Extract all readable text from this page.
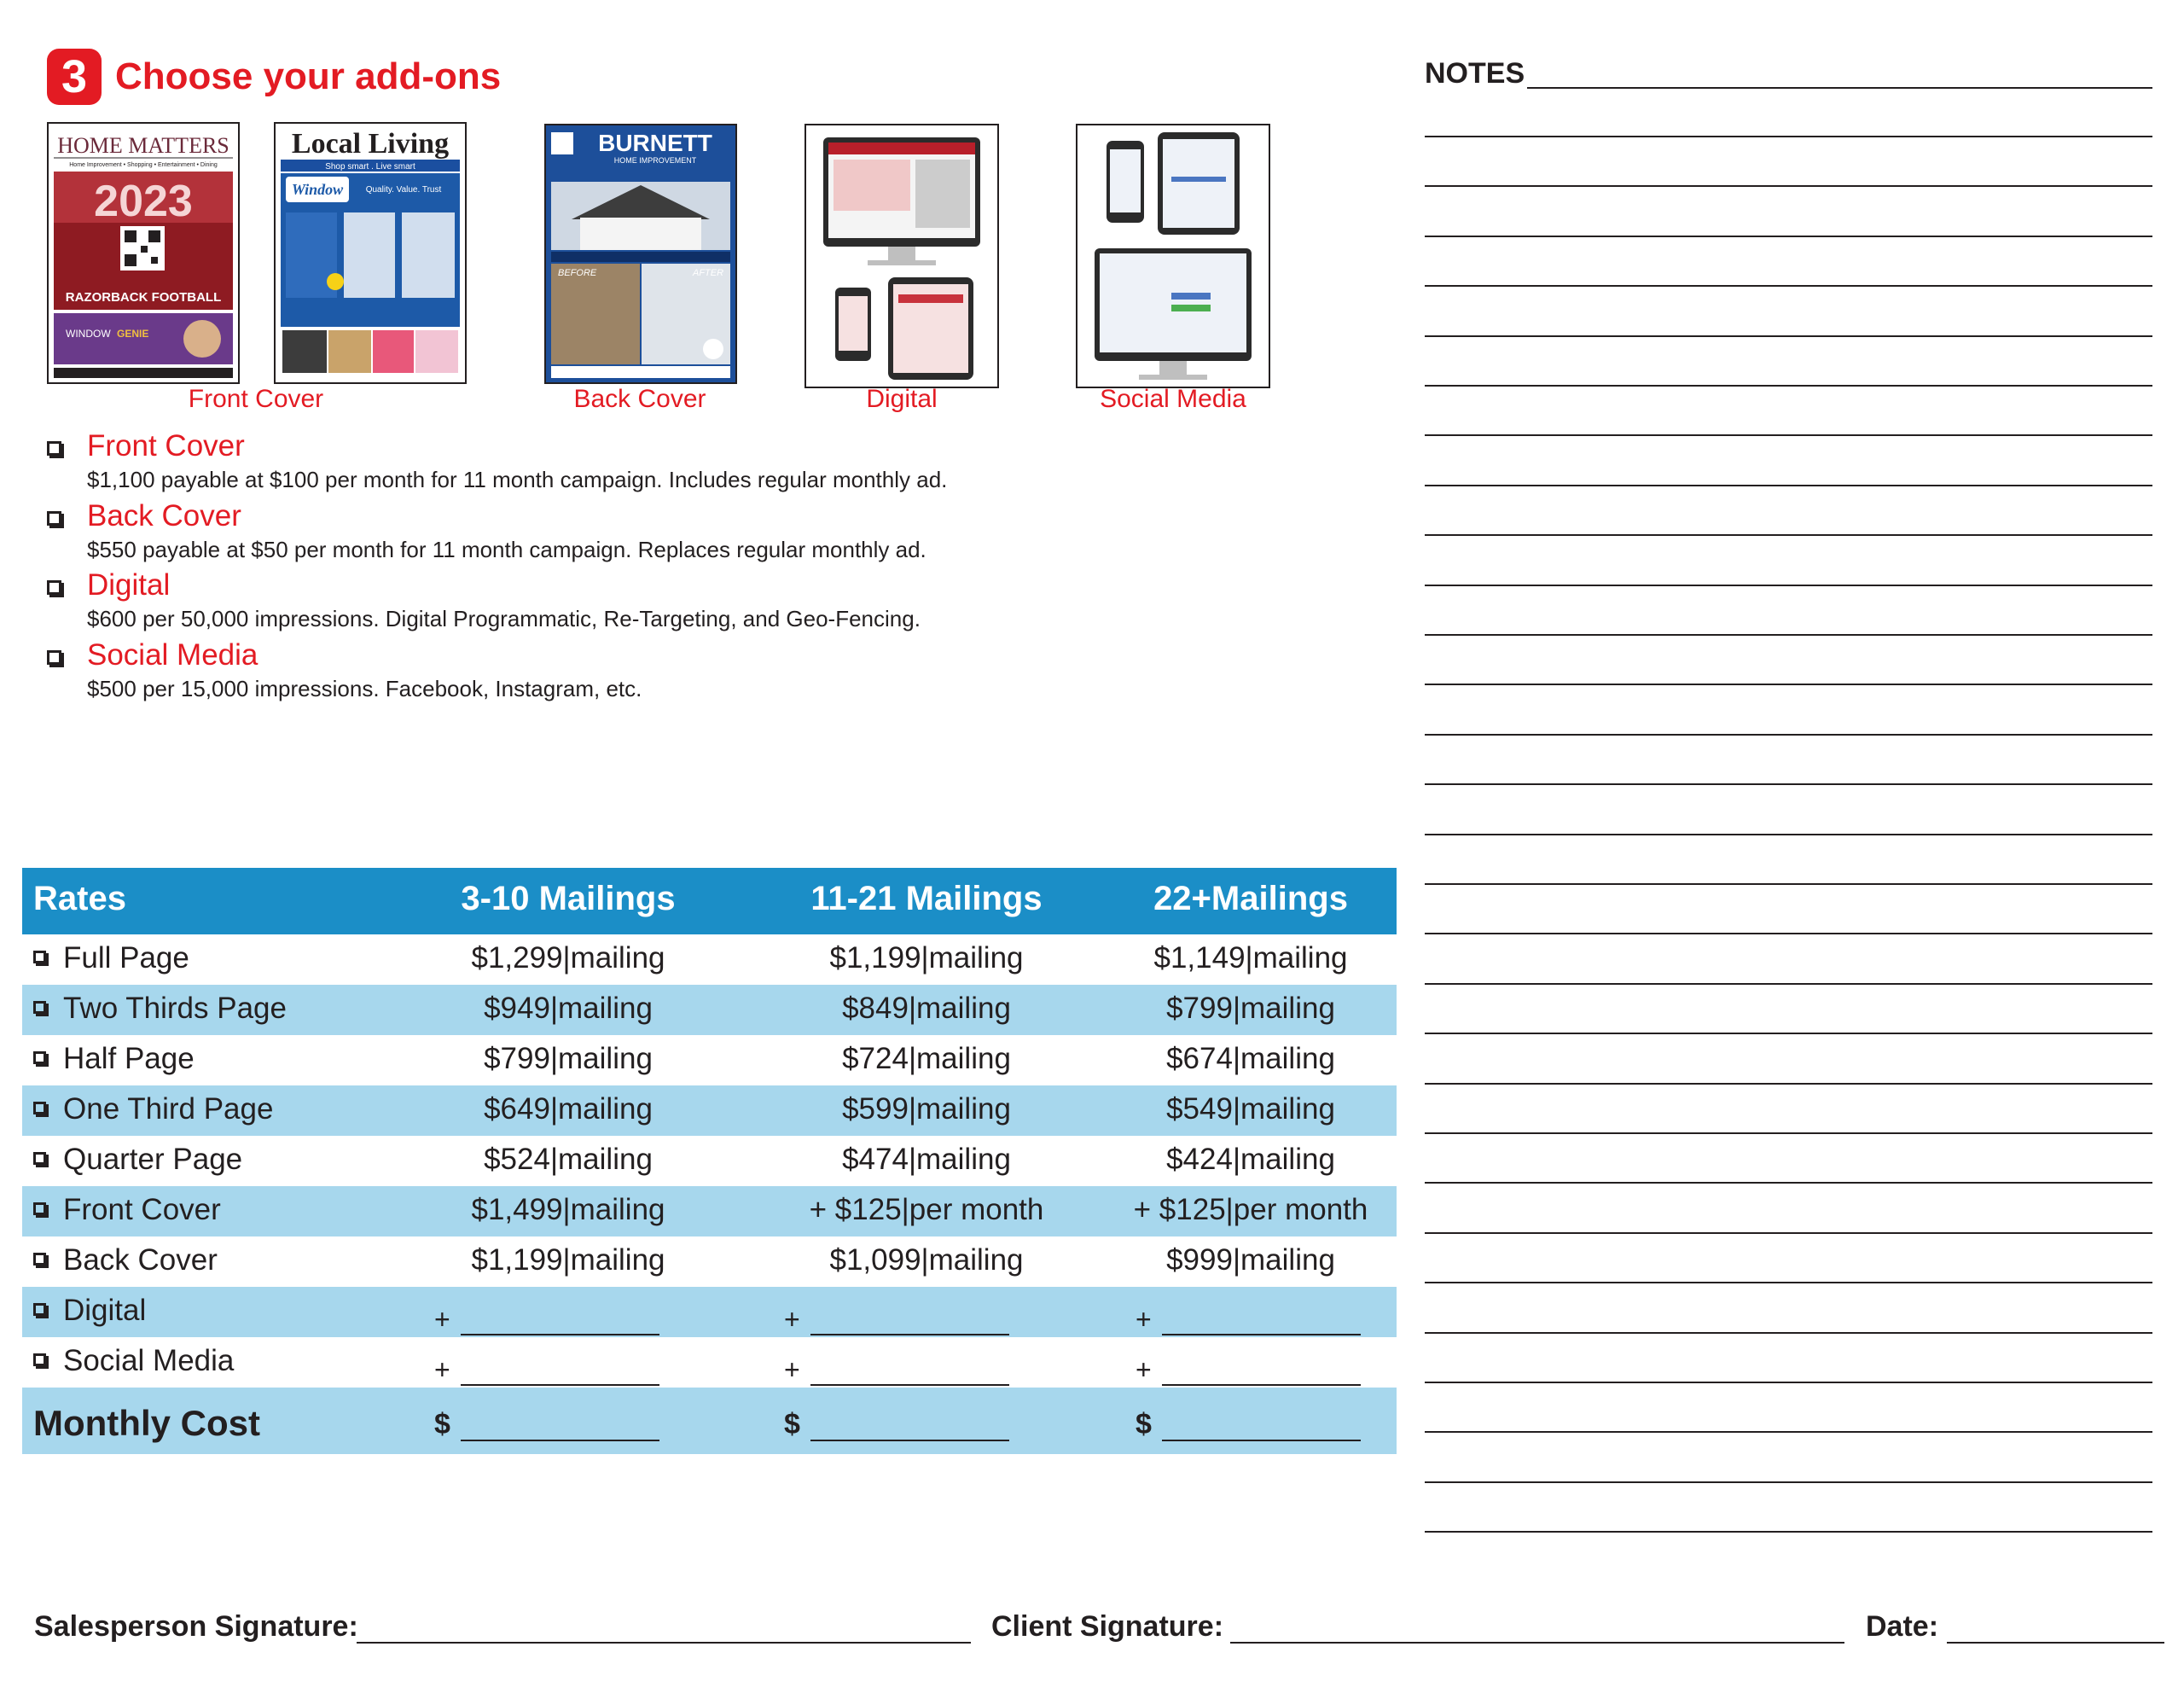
3 Choose your add-ons
HOME MATTERS
Home Improvement • Shopping • Entertainment • Dining
2023
RAZORBACK FOOTBALL
WINDOW GENIE
Local Living
Shop smart . Live smart
Window	Quality. Value. Trust
BURNETT
HOME IMPROVEMENT
BEFORE	AFTER
Front Cover	Back Cover	Digital	Social Media
Front Cover
$1,100 payable at $100 per month for 11 month campaign. Includes regular monthly ad.
Back Cover
$550 payable at $50 per month for 11 month campaign. Replaces regular monthly ad.
Digital
$600 per 50,000 impressions. Digital Programmatic, Re-Targeting, and Geo-Fencing.
Social Media
$500 per 15,000 impressions. Facebook, Instagram, etc.
Rates	3-10 Mailings	11-21 Mailings	22+Mailings
Full Page	$1,299|mailing	$1,199|mailing	$1,149|mailing
Two Thirds Page	$949|mailing	$849|mailing	$799|mailing
Half Page	$799|mailing	$724|mailing	$674|mailing
One Third Page	$649|mailing	$599|mailing	$549|mailing
Quarter Page	$524|mailing	$474|mailing	$424|mailing
Front Cover	$1,499|mailing	+ $125|per month	+ $125|per month
Back Cover	$1,199|mailing	$1,099|mailing	$999|mailing
Digital	+	+	+
Social Media	+	+	+
Monthly Cost	$	$	$
NOTES
Salesperson Signature:	Client Signature:	Date:
